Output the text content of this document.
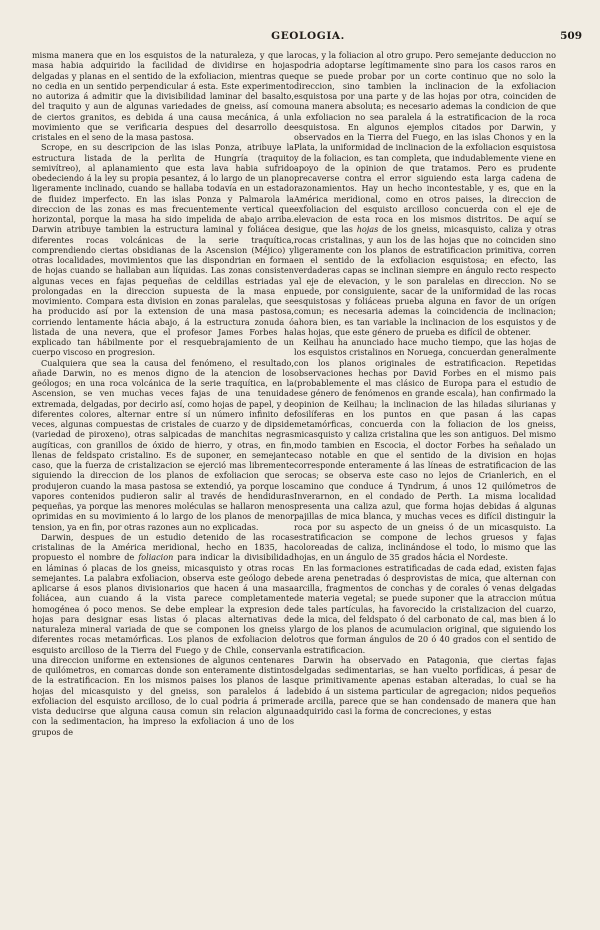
GEOLOGIA.	509

misma manera que en los esquistos de la naturaleza, y que la masa habia adquirido la facilidad de dividirse en hojas delgadas y planas en el sentido de la exfoliacion, mientras que no cedia en un sentido perpendicular á esta. Este experimento no autoriza á admitir que la divisibilidad laminar del basalto, del traquito y aun de algunas variedades de gneiss, así como de ciertos granitos, es debida á una causa mecánica, á un movimiento que se verificaria despues del desarrollo de cristales en el seno de la masa pastosa.

Scrope, en su descripcion de las islas Ponza, atribuye la estructura listada de la perlita de Hungría (traquito semivítreo), al aplanamiento que esta lava habia sufrido obedeciendo á la ley su propia pesantez, á lo largo de un plano ligeramente inclinado, cuando se hallaba todavía en un estado de fluidez imperfecto. En las islas Ponza y Palmarola la direccion de las zonas es mas frecuentemente vertical que horizontal, porque la masa ha sido impelida de abajo arriba. Darwin atribuye tambien la estructura laminal y foliácea de diferentes rocas volcánicas de la serie traquítica, comprendiendo ciertas obsidianas de la Ascension (Méjico) y otras localidades, movimientos que las dispondrian en forma de hojas cuando se hallaban aun líquidas. Las zonas consisten algunas veces en fajas pequeñas de celdillas estriadas y prolongadas en la direccion supuesta de la masa en movimiento. Compara esta division en zonas paralelas, que se ha producido así por la extension de una masa pastosa, corriendo lentamente hácia abajo, á la estructura zonuda ó listada de una nevera, que el profesor James Forbes ha explicado tan hábilmente por el resquebrajamiento de un cuerpo viscoso en progresion.

Cualquiera que sea la causa del fenómeno, el resultado, añade Darwin, no es menos digno de la atencion de los geólogos; en una roca volcánica de la serie traquítica, en la Ascension, se ven muchas veces fajas de una tenuidad extremada, delgadas, por decirlo así, como hojas de papel, y de diferentes colores, alternar entre sí un número infinito de veces, algunas compuestas de cristales de cuarzo y de dipside (variedad de piroxeno), otras salpicadas de manchitas negras augíticas, con granillos de óxido de hierro, y otras, en fin, llenas de feldspato cristalino. Es de suponer, en semejante caso, que la fuerza de cristalizacion se ejerció mas libremente siguiendo la direccion de los planos de exfoliacion que se produjeron cuando la masa pastosa se extendió, ya porque los vapores contenidos pudieron salir al través de hendiduras pequeñas, ya porque las menores moléculas se hallaron menos oprimidas en su movimiento á lo largo de los planos de menor tension, ya en fin, por otras razones aun no explicadas.

Darwin, despues de un estudio detenido de las rocas cristalinas de la América meridional, hecho en 1835, ha propuesto el nombre de foliacion para indicar la divisibilidad en láminas ó placas de los gneiss, micasquisto y otras rocas semejantes. La palabra exfoliacion, observa este geólogo debe aplicarse á esos planos divisionarios que hacen á una masa foliácea, aun cuando á la vista parece completamente homogénea ó poco menos. Se debe emplear la expresion de hojas para designar esas listas ó placas alternativas de naturaleza mineral variada de que se componen los gneiss y diferentes rocas metamórficas. Los planos de exfoliacion del esquisto arcilloso de la Tierra del Fuego y de Chile, conservan una direccion uniforme en extensiones de algunos centenares de quilómetros, en comarcas donde son enteramente distintos de la estratificacion. En los mismos paises los planos de las hojas del micasquisto y del gneiss, son paralelos á la exfoliacion del esquisto arcilloso, de lo cual podria á primera vista deducirse que alguna causa comun sin relacion alguna con la sedimentacion, ha impreso la exfoliacion á uno de los grupos de

rocas, y la foliacion al otro grupo. Pero semejante deduccion no podria adoptarse legítimamente sino para los casos raros en que se puede probar por un corte continuo que no solo la direccion, sino tambien la inclinacion de la exfoliacion esquistosa por una parte y de las hojas por otra, coinciden de una manera absoluta; es necesario ademas la condicion de que la exfoliacion no sea paralela á la estratificacion de la roca esquistosa. En algunos ejemplos citados por Darwin, y observados en la Tierra del Fuego, en las islas Chonos y en la Plata, la uniformidad de inclinacion de la exfoliacion esquistosa y de la foliacion, es tan completa, que indudablemente viene en apoyo de la opinion de que tratamos. Pero es prudente precaverse contra el error siguiendo esta larga cadena de razonamientos. Hay un hecho incontestable, y es, que en la América meridional, como en otros paises, la direccion de exfoliacion del esquisto arcilloso concuerda con el eje de elevacion de esta roca en los mismos distritos. De aquí se sigue, que las hojas de los gneiss, micasquisto, caliza y otras rocas cristalinas, y aun los de las hojas que no coinciden sino ligeramente con los planos de estratificacion primitiva, corren en el sentido de la exfoliacion esquistosa; en efecto, las verdaderas capas se inclinan siempre en ángulo recto respecto al eje de elevacion, y le son paralelas en direccion. No se puede, por consiguiente, sacar de la uniformidad de las rocas esquistosas y foliáceas prueba alguna en favor de un orígen comun; es necesaria ademas la coincidencia de inclinacion; ahora bien, es tan variable la inclinacion de los esquistos y de las hojas, que este género de prueba es difícil de obtener.

Keilhau ha anunciado hace mucho tiempo, que las hojas de los esquistos cristalinos en Noruega, concuerdan generalmente con los planos originales de estratificacion. Repetidas observaciones hechas por David Forbes en el mismo pais (probablemente el mas clásico de Europa para el estudio de ese género de fenómenos en grande escala), han confirmado la opinion de Keilhau; la inclinacion de las hiladas silurianas y fosilíferas en los puntos en que pasan á las capas metamórficas, concuerda con la foliacion de los gneiss, micasquisto y caliza cristalina que les son antiguos. Del mismo modo tambien en Escocia, el doctor Forbes ha señalado un caso notable en que el sentido de la division en hojas corresponde enteramente á las líneas de estratificacion de las rocas; se observa este caso no lejos de Crianlerich, en el camino que conduce á Tyndrum, á unos 12 quilómetros de Inverarnon, en el condado de Perth. La misma localidad presenta una caliza azul, que forma hojas debidas á algunas pajillas de mica blanca, y muchas veces es difícil distinguir la roca por su aspecto de un gneiss ó de un micasquisto. La estratificacion se compone de lechos gruesos y fajas coloreadas de caliza, inclinándose el todo, lo mismo que las hojas, en un ángulo de 35 grados hácia el Nordeste.

En las formaciones estratificadas de cada edad, existen fajas de arena penetradas ó desprovistas de mica, que alternan con arcilla, fragmentos de conchas y de corales ó venas delgadas de materia vegetal; se puede suponer que la atraccion mútua de tales partículas, ha favorecido la cristalizacion del cuarzo, de la mica, del feldspato ó del carbonato de cal, mas bien á lo largo de los planos de acumulacion original, que siguiendo los otros que forman ángulos de 20 ó 40 grados con el sentido de la estratificacion.

Darwin ha observado en Patagonia, que ciertas fajas delgadas sedimentarias, se han vuelto porfídicas, á pesar de que primitivamente apenas estaban alteradas, lo cual se ha debido á un sistema particular de agregacion; nidos pequeños de arcilla, parece que se han condensado de manera que han adquirido casi la forma de concreciones, y estas
